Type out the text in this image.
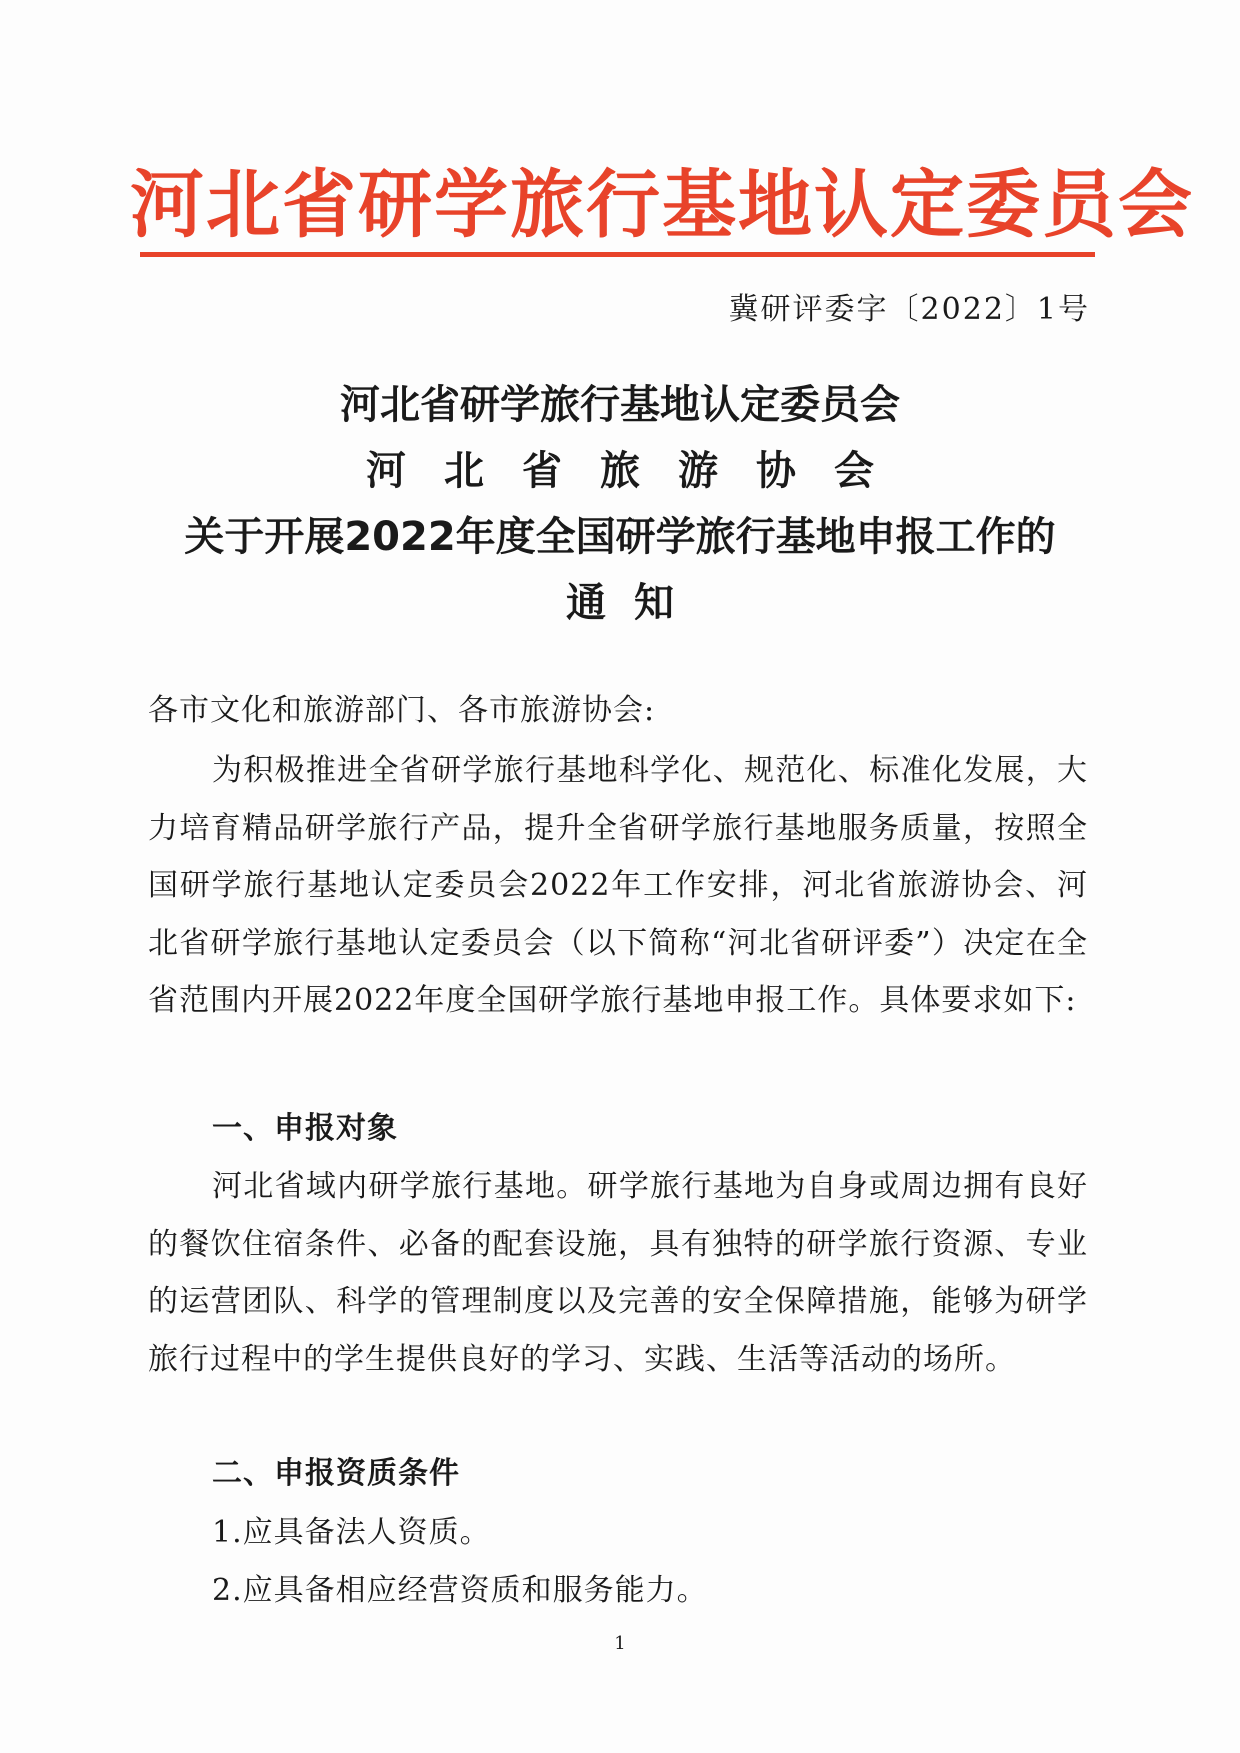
河北省研学旅行基地认定委员会
冀研评委字〔2022〕1号
河北省研学旅行基地认定委员会
河北省旅游协会
关于开展2022年度全国研学旅行基地申报工作的
通知
各市文化和旅游部门、各市旅游协会:
为积极推进全省研学旅行基地科学化、规范化、标准化发展，大力培育精品研学旅行产品，提升全省研学旅行基地服务质量，按照全国研学旅行基地认定委员会2022年工作安排，河北省旅游协会、河北省研学旅行基地认定委员会（以下简称“河北省研评委”）决定在全省范围内开展2022年度全国研学旅行基地申报工作。具体要求如下:
一、申报对象
河北省域内研学旅行基地。研学旅行基地为自身或周边拥有良好的餐饮住宿条件、必备的配套设施，具有独特的研学旅行资源、专业的运营团队、科学的管理制度以及完善的安全保障措施，能够为研学旅行过程中的学生提供良好的学习、实践、生活等活动的场所。
二、申报资质条件
1.应具备法人资质。
2.应具备相应经营资质和服务能力。
1
